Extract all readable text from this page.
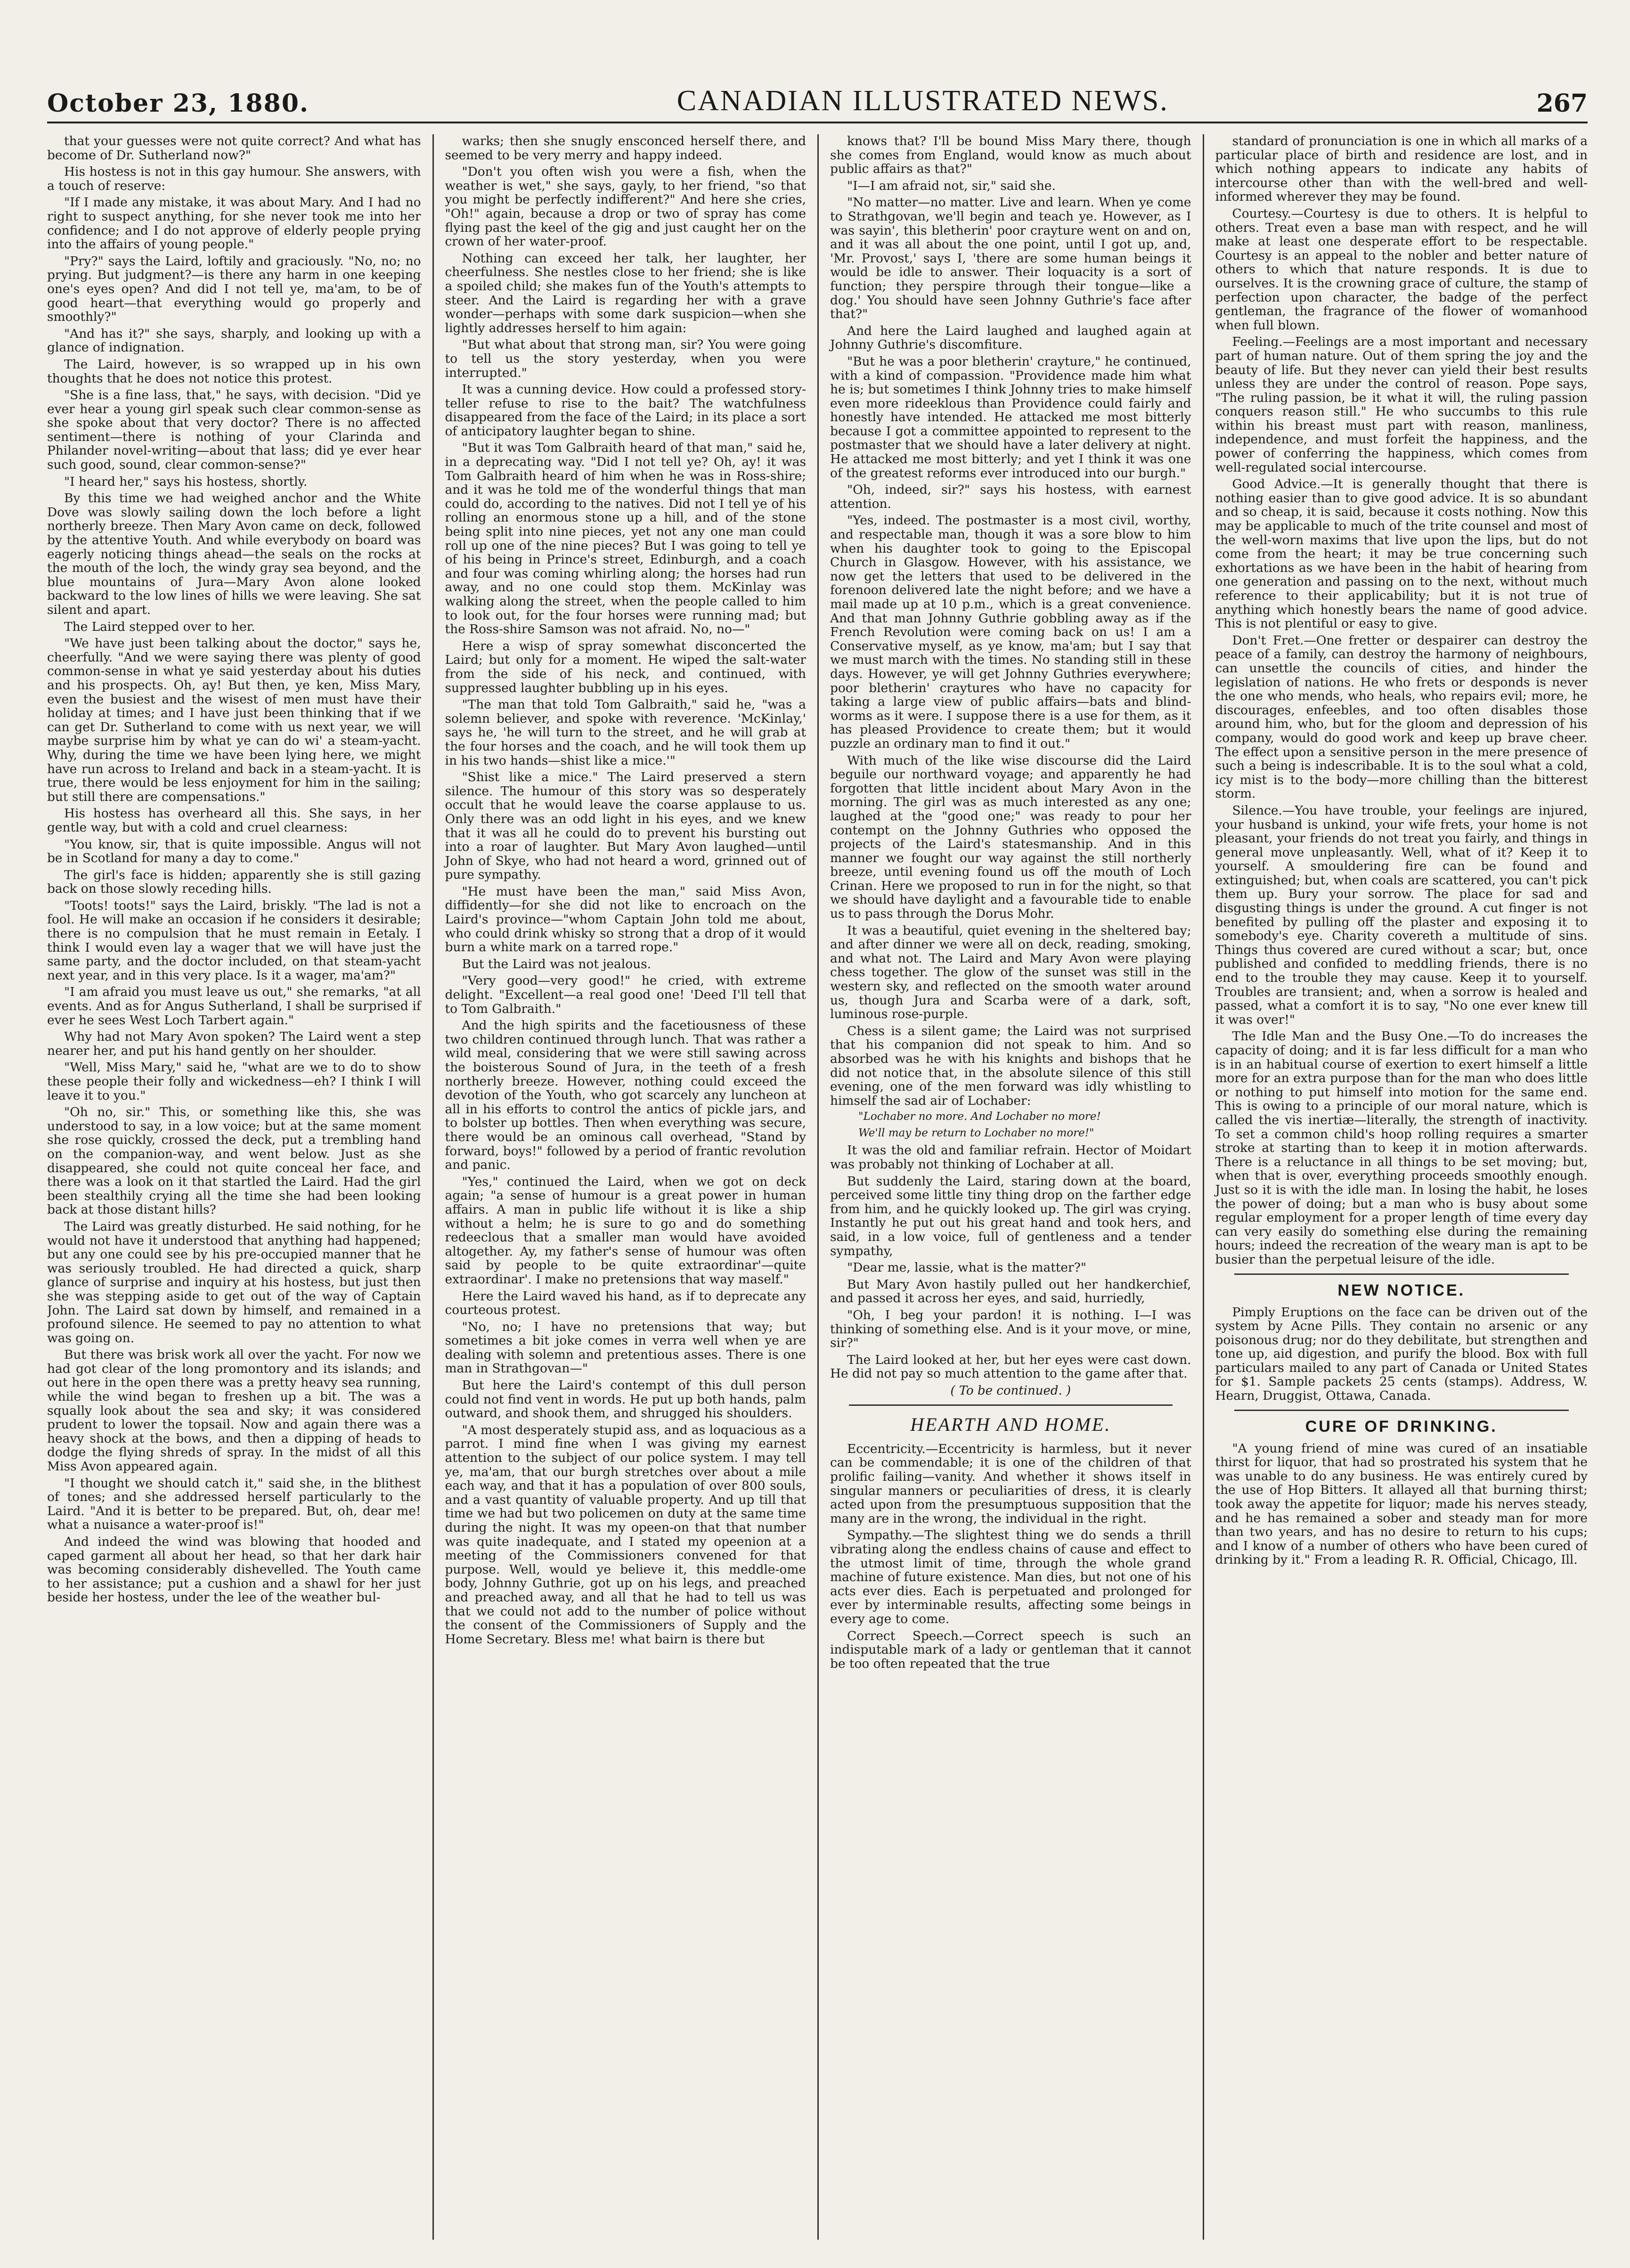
October 23, 1880.	CANADIAN ILLUSTRATED NEWS.	267

that your guesses were not quite correct? And what has become of Dr. Sutherland now?"

His hostess is not in this gay humour. She answers, with a touch of reserve:

"If I made any mistake, it was about Mary. And I had no right to suspect anything, for she never took me into her confidence; and I do not approve of elderly people prying into the affairs of young people."

"Pry?" says the Laird, loftily and graciously. "No, no; no prying. But judgment?—is there any harm in one keeping one's eyes open? And did I not tell ye, ma'am, to be of good heart—that everything would go properly and smoothly?"

"And has it?" she says, sharply, and looking up with a glance of indignation.

The Laird, however, is so wrapped up in his own thoughts that he does not notice this protest.

"She is a fine lass, that," he says, with decision. "Did ye ever hear a young girl speak such clear common-sense as she spoke about that very doctor? There is no affected sentiment—there is nothing of your Clarinda and Philander novel-writing—about that lass; did ye ever hear such good, sound, clear common-sense?"

"I heard her," says his hostess, shortly.

By this time we had weighed anchor and the White Dove was slowly sailing down the loch before a light northerly breeze. Then Mary Avon came on deck, followed by the attentive Youth. And while everybody on board was eagerly noticing things ahead—the seals on the rocks at the mouth of the loch, the windy gray sea beyond, and the blue mountains of Jura—Mary Avon alone looked backward to the low lines of hills we were leaving. She sat silent and apart.

The Laird stepped over to her.

"We have just been talking about the doctor," says he, cheerfully. "And we were saying there was plenty of good common-sense in what ye said yesterday about his duties and his prospects. Oh, ay! But then, ye ken, Miss Mary, even the busiest and the wisest of men must have their holiday at times; and I have just been thinking that if we can get Dr. Sutherland to come with us next year, we will maybe surprise him by what ye can do wi' a steam-yacht. Why, during the time we have been lying here, we might have run across to Ireland and back in a steam-yacht. It is true, there would be less enjoyment for him in the sailing; but still there are compensations."

His hostess has overheard all this. She says, in her gentle way, but with a cold and cruel clearness:

"You know, sir, that is quite impossible. Angus will not be in Scotland for many a day to come."

The girl's face is hidden; apparently she is still gazing back on those slowly receding hills.

"Toots! toots!" says the Laird, briskly. "The lad is not a fool. He will make an occasion if he considers it desirable; there is no compulsion that he must remain in Eetaly. I think I would even lay a wager that we will have just the same party, and the doctor included, on that steam-yacht next year, and in this very place. Is it a wager, ma'am?"

"I am afraid you must leave us out," she remarks, "at all events. And as for Angus Sutherland, I shall be surprised if ever he sees West Loch Tarbert again."

Why had not Mary Avon spoken? The Laird went a step nearer her, and put his hand gently on her shoulder.

"Well, Miss Mary," said he, "what are we to do to show these people their folly and wickedness—eh? I think I will leave it to you."

"Oh no, sir." This, or something like this, she was understood to say, in a low voice; but at the same moment she rose quickly, crossed the deck, put a trembling hand on the companion-way, and went below. Just as she disappeared, she could not quite conceal her face, and there was a look on it that startled the Laird. Had the girl been stealthily crying all the time she had been looking back at those distant hills?

The Laird was greatly disturbed. He said nothing, for he would not have it understood that anything had happened; but any one could see by his pre-occupied manner that he was seriously troubled. He had directed a quick, sharp glance of surprise and inquiry at his hostess, but just then she was stepping aside to get out of the way of Captain John. The Laird sat down by himself, and remained in a profound silence. He seemed to pay no attention to what was going on.

But there was brisk work all over the yacht. For now we had got clear of the long promontory and its islands; and out here in the open there was a pretty heavy sea running, while the wind began to freshen up a bit. The was a squally look about the sea and sky; it was considered prudent to lower the topsail. Now and again there was a heavy shock at the bows, and then a dipping of heads to dodge the flying shreds of spray. In the midst of all this Miss Avon appeared again.

"I thought we should catch it," said she, in the blithest of tones; and she addressed herself particularly to the Laird. "And it is better to be prepared. But, oh, dear me! what a nuisance a water-proof is!"

And indeed the wind was blowing that hooded and caped garment all about her head, so that her dark hair was becoming considerably dishevelled. The Youth came to her assistance; put a cushion and a shawl for her just beside her hostess, under the lee of the weather bul-

warks; then she snugly ensconced herself there, and seemed to be very merry and happy indeed.

"Don't you often wish you were a fish, when the weather is wet," she says, gayly, to her friend, "so that you might be perfectly indifferent?" And here she cries, "Oh!" again, because a drop or two of spray has come flying past the keel of the gig and just caught her on the crown of her water-proof.

Nothing can exceed her talk, her laughter, her cheerfulness. She nestles close to her friend; she is like a spoiled child; she makes fun of the Youth's attempts to steer. And the Laird is regarding her with a grave wonder—perhaps with some dark suspicion—when she lightly addresses herself to him again:

"But what about that strong man, sir? You were going to tell us the story yesterday, when you were interrupted."

It was a cunning device. How could a professed story-teller refuse to rise to the bait? The watchfulness disappeared from the face of the Laird; in its place a sort of anticipatory laughter began to shine.

"But it was Tom Galbraith heard of that man," said he, in a deprecating way. "Did I not tell ye? Oh, ay! it was Tom Galbraith heard of him when he was in Ross-shire; and it was he told me of the wonderful things that man could do, according to the natives. Did not I tell ye of his rolling an enormous stone up a hill, and of the stone being split into nine pieces, yet not any one man could roll up one of the nine pieces? But I was going to tell ye of his being in Prince's street, Edinburgh, and a coach and four was coming whirling along; the horses had run away, and no one could stop them. McKinlay was walking along the street, when the people called to him to look out, for the four horses were running mad; but the Ross-shire Samson was not afraid. No, no—"

Here a wisp of spray somewhat disconcerted the Laird; but only for a moment. He wiped the salt-water from the side of his neck, and continued, with suppressed laughter bubbling up in his eyes.

"The man that told Tom Galbraith," said he, "was a solemn believer, and spoke with reverence. 'McKinlay,' says he, 'he will turn to the street, and he will grab at the four horses and the coach, and he will took them up in his two hands—shist like a mice.'"

"Shist like a mice." The Laird preserved a stern silence. The humour of this story was so desperately occult that he would leave the coarse applause to us. Only there was an odd light in his eyes, and we knew that it was all he could do to prevent his bursting out into a roar of laughter. But Mary Avon laughed—until John of Skye, who had not heard a word, grinned out of pure sympathy.

"He must have been the man," said Miss Avon, diffidently—for she did not like to encroach on the Laird's province—"whom Captain John told me about, who could drink whisky so strong that a drop of it would burn a white mark on a tarred rope."

But the Laird was not jealous.

"Very good—very good!" he cried, with extreme delight. "Excellent—a real good one! 'Deed I'll tell that to Tom Galbraith."

And the high spirits and the facetiousness of these two children continued through lunch. That was rather a wild meal, considering that we were still sawing across the boisterous Sound of Jura, in the teeth of a fresh northerly breeze. However, nothing could exceed the devotion of the Youth, who got scarcely any luncheon at all in his efforts to control the antics of pickle jars, and to bolster up bottles. Then when everything was secure, there would be an ominous call overhead, "Stand by forward, boys!" followed by a period of frantic revolution and panic.

"Yes," continued the Laird, when we got on deck again; "a sense of humour is a great power in human affairs. A man in public life without it is like a ship without a helm; he is sure to go and do something redeeclous that a smaller man would have avoided altogether. Ay, my father's sense of humour was often said by people to be quite extraordinar'—quite extraordinar'. I make no pretensions that way maself."

Here the Laird waved his hand, as if to deprecate any courteous protest.

"No, no; I have no pretensions that way; but sometimes a bit joke comes in verra well when ye are dealing with solemn and pretentious asses. There is one man in Strathgovan—"

But here the Laird's contempt of this dull person could not find vent in words. He put up both hands, palm outward, and shook them, and shrugged his shoulders.

"A most desperately stupid ass, and as loquacious as a parrot. I mind fine when I was giving my earnest attention to the subject of our police system. I may tell ye, ma'am, that our burgh stretches over about a mile each way, and that it has a population of over 800 souls, and a vast quantity of valuable property. And up till that time we had but two policemen on duty at the same time during the night. It was my opeen-on that that number was quite inadequate, and I stated my opeenion at a meeting of the Commissioners convened for that purpose. Well, would ye believe it, this meddle-ome body, Johnny Guthrie, got up on his legs, and preached and preached away, and all that he had to tell us was that we could not add to the number of police without the consent of the Commissioners of Supply and the Home Secretary. Bless me! what bairn is there but

knows that? I'll be bound Miss Mary there, though she comes from England, would know as much about public affairs as that?"

"I—I am afraid not, sir," said she.

"No matter—no matter. Live and learn. When ye come to Strathgovan, we'll begin and teach ye. However, as I was sayin', this bletherin' poor crayture went on and on, and it was all about the one point, until I got up, and, 'Mr. Provost,' says I, 'there are some human beings it would be idle to answer. Their loquacity is a sort of function; they perspire through their tongue—like a dog.' You should have seen Johnny Guthrie's face after that?"

And here the Laird laughed and laughed again at Johnny Guthrie's discomfiture.

"But he was a poor bletherin' crayture," he continued, with a kind of compassion. "Providence made him what he is; but sometimes I think Johnny tries to make himself even more rideeklous than Providence could fairly and honestly have intended. He attacked me most bitterly because I got a committee appointed to represent to the postmaster that we should have a later delivery at night. He attacked me most bitterly; and yet I think it was one of the greatest reforms ever introduced into our burgh."

"Oh, indeed, sir?" says his hostess, with earnest attention.

"Yes, indeed. The postmaster is a most civil, worthy, and respectable man, though it was a sore blow to him when his daughter took to going to the Episcopal Church in Glasgow. However, with his assistance, we now get the letters that used to be delivered in the forenoon delivered late the night before; and we have a mail made up at 10 p.m., which is a great convenience. And that man Johnny Guthrie gobbling away as if the French Revolution were coming back on us! I am a Conservative myself, as ye know, ma'am; but I say that we must march with the times. No standing still in these days. However, ye will get Johnny Guthries everywhere; poor bletherin' craytures who have no capacity for taking a large view of public affairs—bats and blind-worms as it were. I suppose there is a use for them, as it has pleased Providence to create them; but it would puzzle an ordinary man to find it out."

With much of the like wise discourse did the Laird beguile our northward voyage; and apparently he had forgotten that little incident about Mary Avon in the morning. The girl was as much interested as any one; laughed at the "good one;" was ready to pour her contempt on the Johnny Guthries who opposed the projects of the Laird's statesmanship. And in this manner we fought our way against the still northerly breeze, until evening found us off the mouth of Loch Crinan. Here we proposed to run in for the night, so that we should have daylight and a favourable tide to enable us to pass through the Dorus Mohr.

It was a beautiful, quiet evening in the sheltered bay; and after dinner we were all on deck, reading, smoking, and what not. The Laird and Mary Avon were playing chess together. The glow of the sunset was still in the western sky, and reflected on the smooth water around us, though Jura and Scarba were of a dark, soft, luminous rose-purple.

Chess is a silent game; the Laird was not surprised that his companion did not speak to him. And so absorbed was he with his knights and bishops that he did not notice that, in the absolute silence of this still evening, one of the men forward was idly whistling to himself the sad air of Lochaber:

"Lochaber no more. And Lochaber no more!

We'll may be return to Lochaber no more!"

It was the old and familiar refrain. Hector of Moidart was probably not thinking of Lochaber at all.

But suddenly the Laird, staring down at the board, perceived some little tiny thing drop on the farther edge from him, and he quickly looked up. The girl was crying. Instantly he put out his great hand and took hers, and said, in a low voice, full of gentleness and a tender sympathy,

"Dear me, lassie, what is the matter?"

But Mary Avon hastily pulled out her handkerchief, and passed it across her eyes, and said, hurriedly,

"Oh, I beg your pardon! it is nothing. I—I was thinking of something else. And is it your move, or mine, sir?"

The Laird looked at her, but her eyes were cast down. He did not pay so much attention to the game after that.

( To be continued. )
HEARTH AND HOME.

Eccentricity.—Eccentricity is harmless, but it never can be commendable; it is one of the children of that prolific failing—vanity. And whether it shows itself in singular manners or peculiarities of dress, it is clearly acted upon from the presumptuous supposition that the many are in the wrong, the individual in the right.

Sympathy.—The slightest thing we do sends a thrill vibrating along the endless chains of cause and effect to the utmost limit of time, through the whole grand machine of future existence. Man dies, but not one of his acts ever dies. Each is perpetuated and prolonged for ever by interminable results, affecting some beings in every age to come.

Correct Speech.—Correct speech is such an indisputable mark of a lady or gentleman that it cannot be too often repeated that the true

standard of pronunciation is one in which all marks of a particular place of birth and residence are lost, and in which nothing appears to indicate any habits of intercourse other than with the well-bred and well-informed wherever they may be found.

Courtesy.—Courtesy is due to others. It is helpful to others. Treat even a base man with respect, and he will make at least one desperate effort to be respectable. Courtesy is an appeal to the nobler and better nature of others to which that nature responds. It is due to ourselves. It is the crowning grace of culture, the stamp of perfection upon character, the badge of the perfect gentleman, the fragrance of the flower of womanhood when full blown.

Feeling.—Feelings are a most important and necessary part of human nature. Out of them spring the joy and the beauty of life. But they never can yield their best results unless they are under the control of reason. Pope says, "The ruling passion, be it what it will, the ruling passion conquers reason still." He who succumbs to this rule within his breast must part with reason, manliness, independence, and must forfeit the happiness, and the power of conferring the happiness, which comes from well-regulated social intercourse.

Good Advice.—It is generally thought that there is nothing easier than to give good advice. It is so abundant and so cheap, it is said, because it costs nothing. Now this may be applicable to much of the trite counsel and most of the well-worn maxims that live upon the lips, but do not come from the heart; it may be true concerning such exhortations as we have been in the habit of hearing from one generation and passing on to the next, without much reference to their applicability; but it is not true of anything which honestly bears the name of good advice. This is not plentiful or easy to give.

Don't Fret.—One fretter or despairer can destroy the peace of a family, can destroy the harmony of neighbours, can unsettle the councils of cities, and hinder the legislation of nations. He who frets or desponds is never the one who mends, who heals, who repairs evil; more, he discourages, enfeebles, and too often disables those around him, who, but for the gloom and depression of his company, would do good work and keep up brave cheer. The effect upon a sensitive person in the mere presence of such a being is indescribable. It is to the soul what a cold, icy mist is to the body—more chilling than the bitterest storm.

Silence.—You have trouble, your feelings are injured, your husband is unkind, your wife frets, your home is not pleasant, your friends do not treat you fairly, and things in general move unpleasantly. Well, what of it? Keep it to yourself. A smouldering fire can be found and extinguished; but, when coals are scattered, you can't pick them up. Bury your sorrow. The place for sad and disgusting things is under the ground. A cut finger is not benefited by pulling off the plaster and exposing it to somebody's eye. Charity covereth a multitude of sins. Things thus covered are cured without a scar; but, once published and confided to meddling friends, there is no end to the trouble they may cause. Keep it to yourself. Troubles are transient; and, when a sorrow is healed and passed, what a comfort it is to say, "No one ever knew till it was over!"

The Idle Man and the Busy One.—To do increases the capacity of doing; and it is far less difficult for a man who is in an habitual course of exertion to exert himself a little more for an extra purpose than for the man who does little or nothing to put himself into motion for the same end. This is owing to a principle of our moral nature, which is called the vis inertiæ—literally, the strength of inactivity. To set a common child's hoop rolling requires a smarter stroke at starting than to keep it in motion afterwards. There is a reluctance in all things to be set moving; but, when that is over, everything proceeds smoothly enough. Just so it is with the idle man. In losing the habit, he loses the power of doing; but a man who is busy about some regular employment for a proper length of time every day can very easily do something else during the remaining hours; indeed the recreation of the weary man is apt to be busier than the perpetual leisure of the idle.

NEW NOTICE.

Pimply Eruptions on the face can be driven out of the system by Acne Pills. They contain no arsenic or any poisonous drug; nor do they debilitate, but strengthen and tone up, aid digestion, and purify the blood. Box with full particulars mailed to any part of Canada or United States for $1. Sample packets 25 cents (stamps). Address, W. Hearn, Druggist, Ottawa, Canada.

CURE OF DRINKING.

"A young friend of mine was cured of an insatiable thirst for liquor, that had so prostrated his system that he was unable to do any business. He was entirely cured by the use of Hop Bitters. It allayed all that burning thirst; took away the appetite for liquor; made his nerves steady, and he has remained a sober and steady man for more than two years, and has no desire to return to his cups; and I know of a number of others who have been cured of drinking by it." From a leading R. R. Official, Chicago, Ill.
